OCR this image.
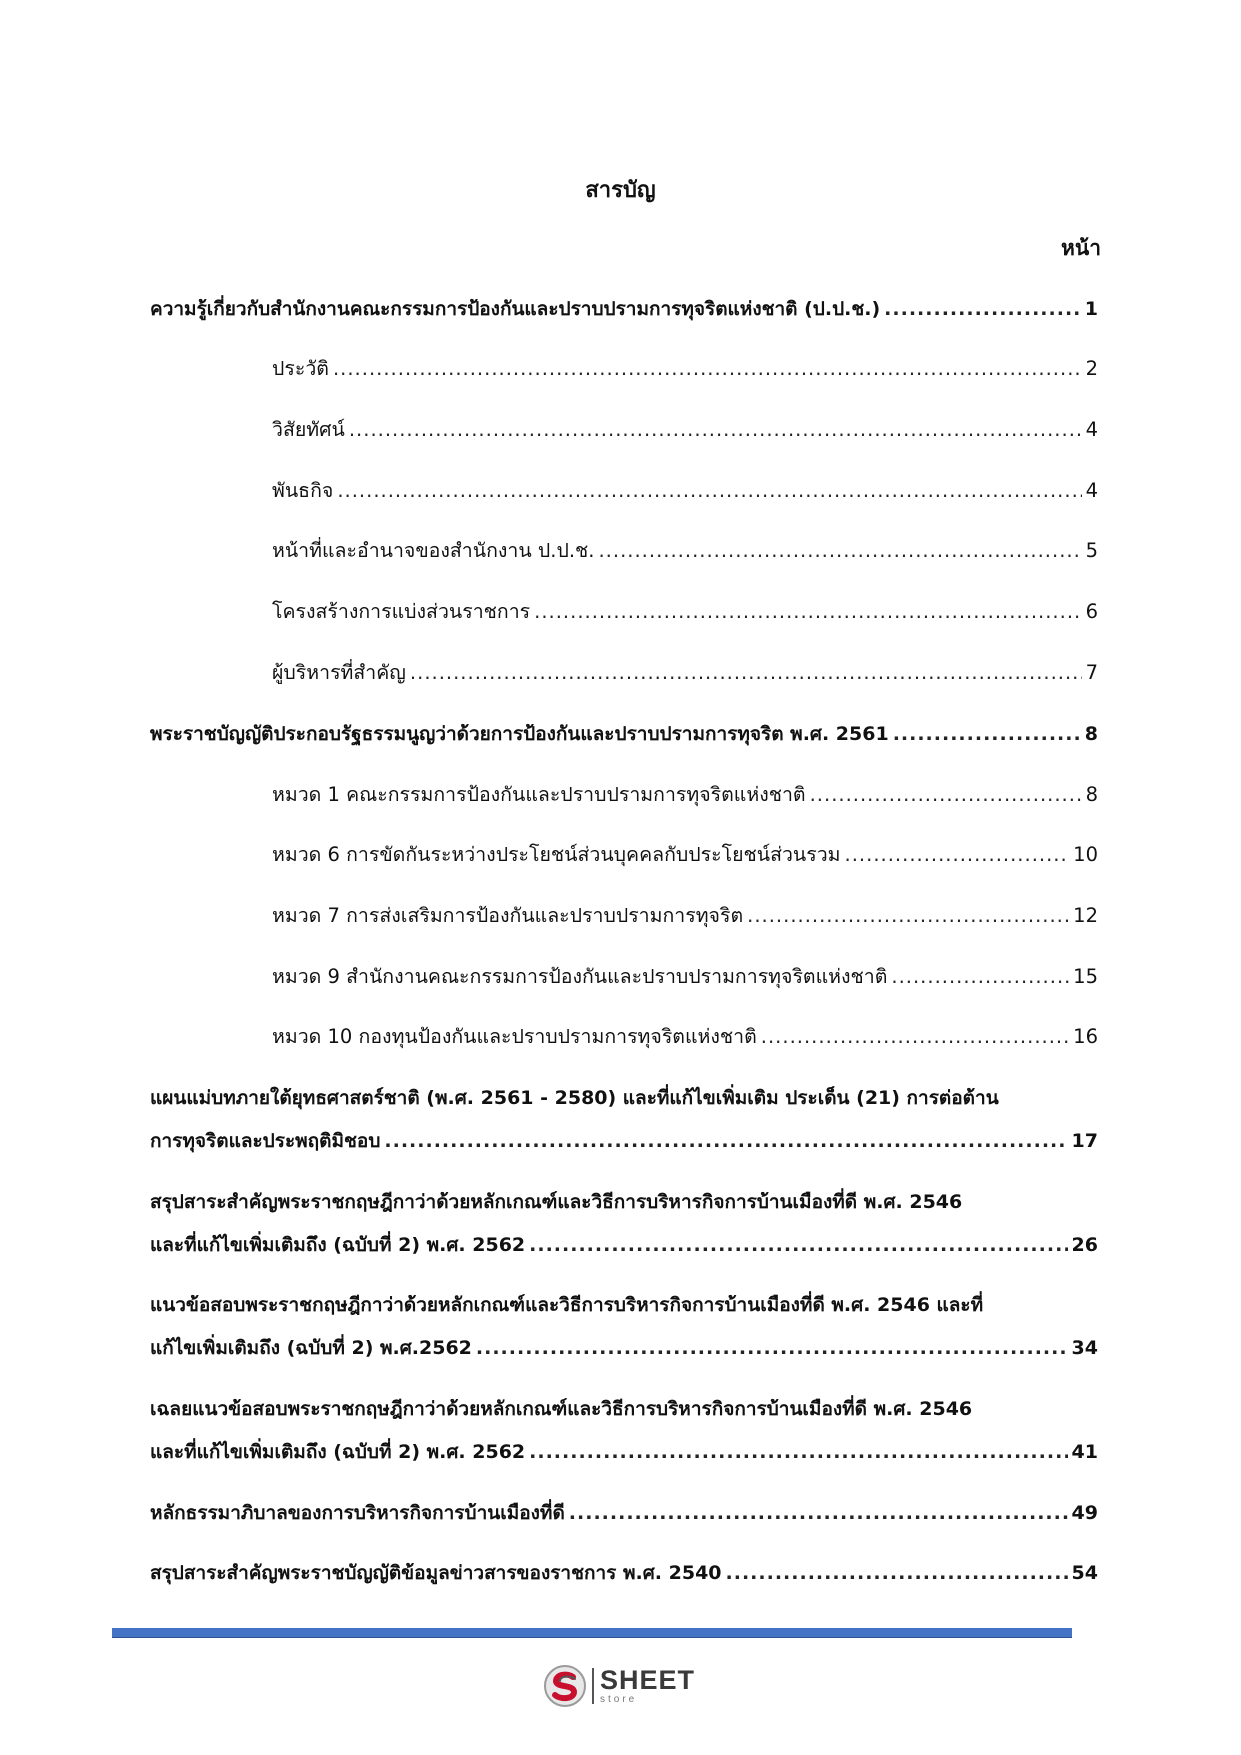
สารบัญ
หน้า
ความรู้เกี่ยวกับสำนักงานคณะกรรมการป้องกันและปราบปรามการทุจริตแห่งชาติ (ป.ป.ช.) .....	1
ประวัติ .....	2
วิสัยทัศน์ .....	4
พันธกิจ .....	4
หน้าที่และอำนาจของสำนักงาน ป.ป.ช. .....	5
โครงสร้างการแบ่งส่วนราชการ .....	6
ผู้บริหารที่สำคัญ .....	7
พระราชบัญญัติประกอบรัฐธรรมนูญว่าด้วยการป้องกันและปราบปรามการทุจริต พ.ศ. 2561 .....	8
หมวด 1 คณะกรรมการป้องกันและปราบปรามการทุจริตแห่งชาติ .....	8
หมวด 6 การขัดกันระหว่างประโยชน์ส่วนบุคคลกับประโยชน์ส่วนรวม .....	10
หมวด 7 การส่งเสริมการป้องกันและปราบปรามการทุจริต .....	12
หมวด 9 สำนักงานคณะกรรมการป้องกันและปราบปรามการทุจริตแห่งชาติ .....	15
หมวด 10 กองทุนป้องกันและปราบปรามการทุจริตแห่งชาติ .....	16
แผนแม่บทภายใต้ยุทธศาสตร์ชาติ (พ.ศ. 2561 - 2580) และที่แก้ไขเพิ่มเติม ประเด็น (21) การต่อต้าน
การทุจริตและประพฤติมิชอบ .....	17
สรุปสาระสำคัญพระราชกฤษฎีกาว่าด้วยหลักเกณฑ์และวิธีการบริหารกิจการบ้านเมืองที่ดี พ.ศ. 2546
และที่แก้ไขเพิ่มเติมถึง (ฉบับที่ 2) พ.ศ. 2562 .....	26
แนวข้อสอบพระราชกฤษฎีกาว่าด้วยหลักเกณฑ์และวิธีการบริหารกิจการบ้านเมืองที่ดี พ.ศ. 2546 และที่
แก้ไขเพิ่มเติมถึง (ฉบับที่ 2) พ.ศ.2562 .....	34
เฉลยแนวข้อสอบพระราชกฤษฎีกาว่าด้วยหลักเกณฑ์และวิธีการบริหารกิจการบ้านเมืองที่ดี พ.ศ. 2546
และที่แก้ไขเพิ่มเติมถึง (ฉบับที่ 2) พ.ศ. 2562 .....	41
หลักธรรมาภิบาลของการบริหารกิจการบ้านเมืองที่ดี .....	49
สรุปสาระสำคัญพระราชบัญญัติข้อมูลข่าวสารของราชการ พ.ศ. 2540 .....	54
SHEET
store
